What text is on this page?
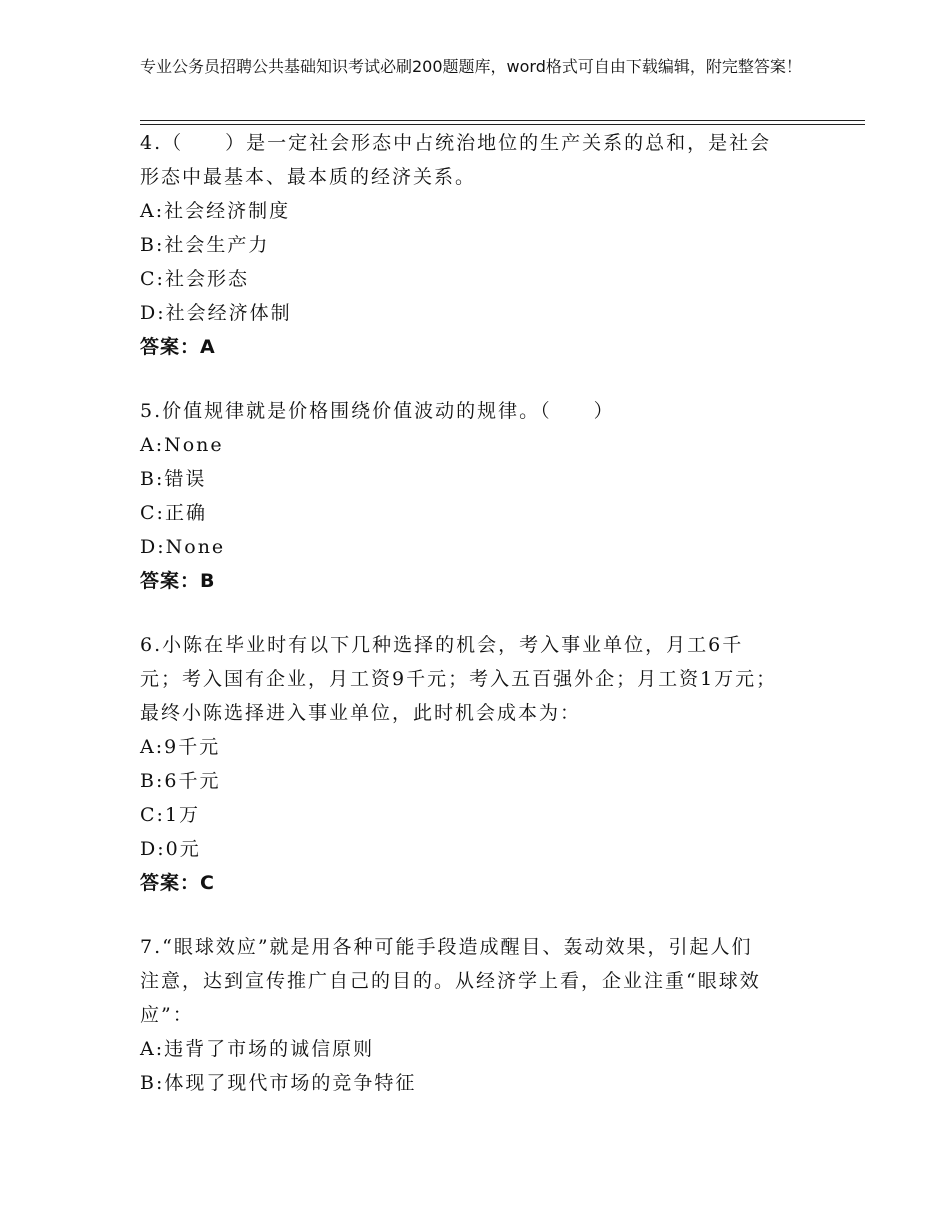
专业公务员招聘公共基础知识考试必刷200题题库，word格式可自由下载编辑，附完整答案！

4.（　　）是一定社会形态中占统治地位的生产关系的总和，是社会

形态中最基本、最本质的经济关系。

A:社会经济制度

B:社会生产力

C:社会形态

D:社会经济体制

答案：A

5.价值规律就是价格围绕价值波动的规律。（　　）

A:None

B:错误

C:正确

D:None

答案：B

6.小陈在毕业时有以下几种选择的机会，考入事业单位，月工6千

元；考入国有企业，月工资9千元；考入五百强外企；月工资1万元；

最终小陈选择进入事业单位，此时机会成本为：

A:9千元

B:6千元

C:1万

D:0元

答案：C

7.“眼球效应”就是用各种可能手段造成醒目、轰动效果，引起人们

注意，达到宣传推广自己的目的。从经济学上看，企业注重“眼球效

应”：

A:违背了市场的诚信原则

B:体现了现代市场的竞争特征
